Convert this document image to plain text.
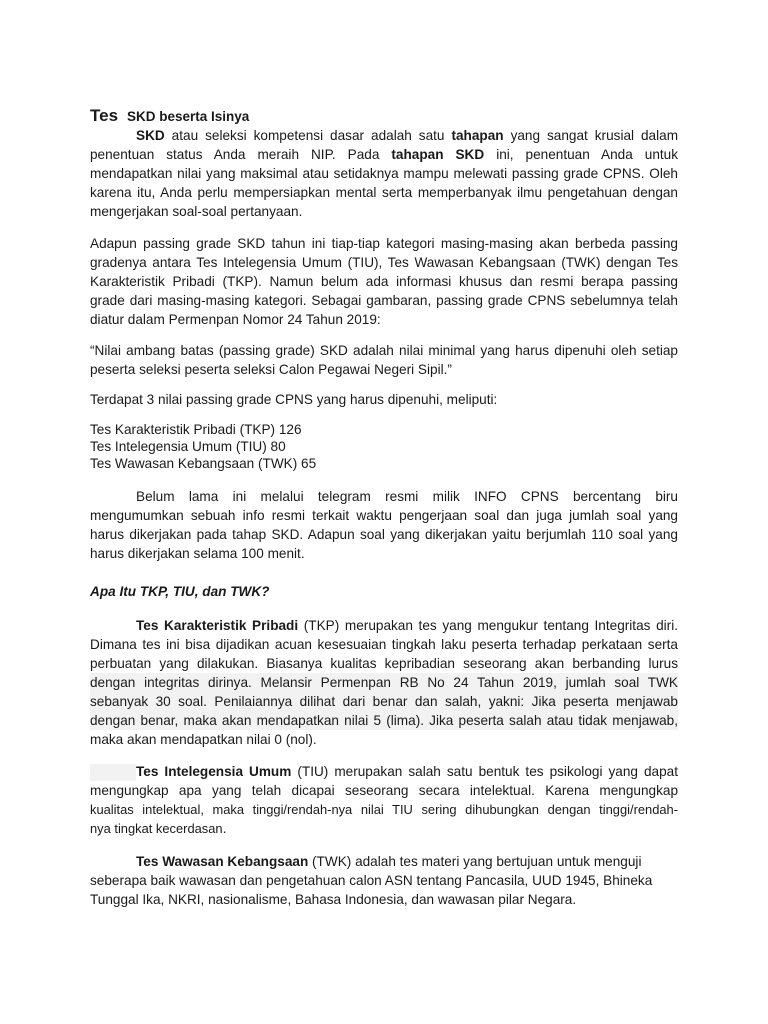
Tes SKD beserta Isinya
SKD atau seleksi kompetensi dasar adalah satu tahapan yang sangat krusial dalam
penentuan status Anda meraih NIP. Pada tahapan SKD ini, penentuan Anda untuk
mendapatkan nilai yang maksimal atau setidaknya mampu melewati passing grade CPNS. Oleh
karena itu, Anda perlu mempersiapkan mental serta memperbanyak ilmu pengetahuan dengan
mengerjakan soal-soal pertanyaan.
Adapun passing grade SKD tahun ini tiap-tiap kategori masing-masing akan berbeda passing
gradenya antara Tes Intelegensia Umum (TIU), Tes Wawasan Kebangsaan (TWK) dengan Tes
Karakteristik Pribadi (TKP). Namun belum ada informasi khusus dan resmi berapa passing
grade dari masing-masing kategori. Sebagai gambaran, passing grade CPNS sebelumnya telah
diatur dalam Permenpan Nomor 24 Tahun 2019:
“Nilai ambang batas (passing grade) SKD adalah nilai minimal yang harus dipenuhi oleh setiap
peserta seleksi peserta seleksi Calon Pegawai Negeri Sipil.”
Terdapat 3 nilai passing grade CPNS yang harus dipenuhi, meliputi:
Tes Karakteristik Pribadi (TKP) 126
Tes Intelegensia Umum (TIU) 80
Tes Wawasan Kebangsaan (TWK) 65
Belum lama ini melalui telegram resmi milik INFO CPNS bercentang biru
mengumumkan sebuah info resmi terkait waktu pengerjaan soal dan juga jumlah soal yang
harus dikerjakan pada tahap SKD. Adapun soal yang dikerjakan yaitu berjumlah 110 soal yang
harus dikerjakan selama 100 menit.
Apa Itu TKP, TIU, dan TWK?
Tes Karakteristik Pribadi (TKP) merupakan tes yang mengukur tentang Integritas diri.
Dimana tes ini bisa dijadikan acuan kesesuaian tingkah laku peserta terhadap perkataan serta
perbuatan yang dilakukan. Biasanya kualitas kepribadian seseorang akan berbanding lurus
dengan integritas dirinya. Melansir Permenpan RB No 24 Tahun 2019, jumlah soal TWK
sebanyak 30 soal. Penilaiannya dilihat dari benar dan salah, yakni: Jika peserta menjawab
dengan benar, maka akan mendapatkan nilai 5 (lima). Jika peserta salah atau tidak menjawab,
maka akan mendapatkan nilai 0 (nol).
Tes Intelegensia Umum (TIU) merupakan salah satu bentuk tes psikologi yang dapat
mengungkap apa yang telah dicapai seseorang secara intelektual. Karena mengungkap
kualitas intelektual, maka tinggi/rendah-nya nilai TIU sering dihubungkan dengan tinggi/rendah-
nya tingkat kecerdasan.
Tes Wawasan Kebangsaan (TWK) adalah tes materi yang bertujuan untuk menguji
seberapa baik wawasan dan pengetahuan calon ASN tentang Pancasila, UUD 1945, Bhineka
Tunggal Ika, NKRI, nasionalisme, Bahasa Indonesia, dan wawasan pilar Negara.
